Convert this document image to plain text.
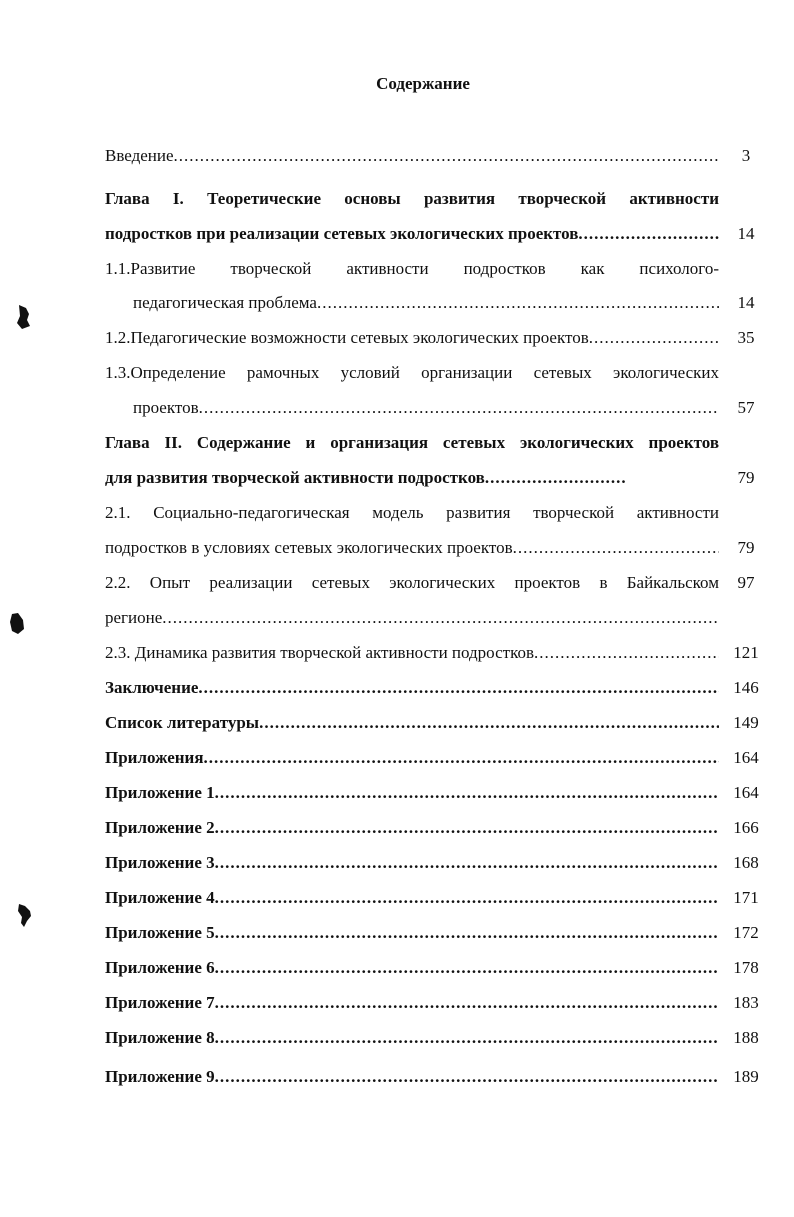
Содержание
Введение .....	3
Глава I. Теоретические основы развития творческой активности
подростков при реализации сетевых экологических проектов .....	14
1.1.Развитие творческой активности подростков как психолого-
педагогическая проблема .....	14
1.2.Педагогические возможности сетевых экологических проектов .....	35
1.3.Определение рамочных условий организации сетевых экологических
проектов .....	57
Глава II. Содержание и организация сетевых экологических проектов
для развития творческой активности подростков .....	79
2.1. Социально-педагогическая модель развития творческой активности
подростков в условиях сетевых экологических проектов .....	79
2.2. Опыт реализации сетевых экологических проектов в Байкальском	97
регионе .....
2.3. Динамика развития творческой активности подростков .....	121
Заключение .....	146
Список литературы .....	149
Приложения .....	164
Приложение 1 .....	164
Приложение 2 .....	166
Приложение 3 .....	168
Приложение 4 .....	171
Приложение 5 .....	172
Приложение 6 .....	178
Приложение 7 .....	183
Приложение 8 .....	188
Приложение 9 .....	189
